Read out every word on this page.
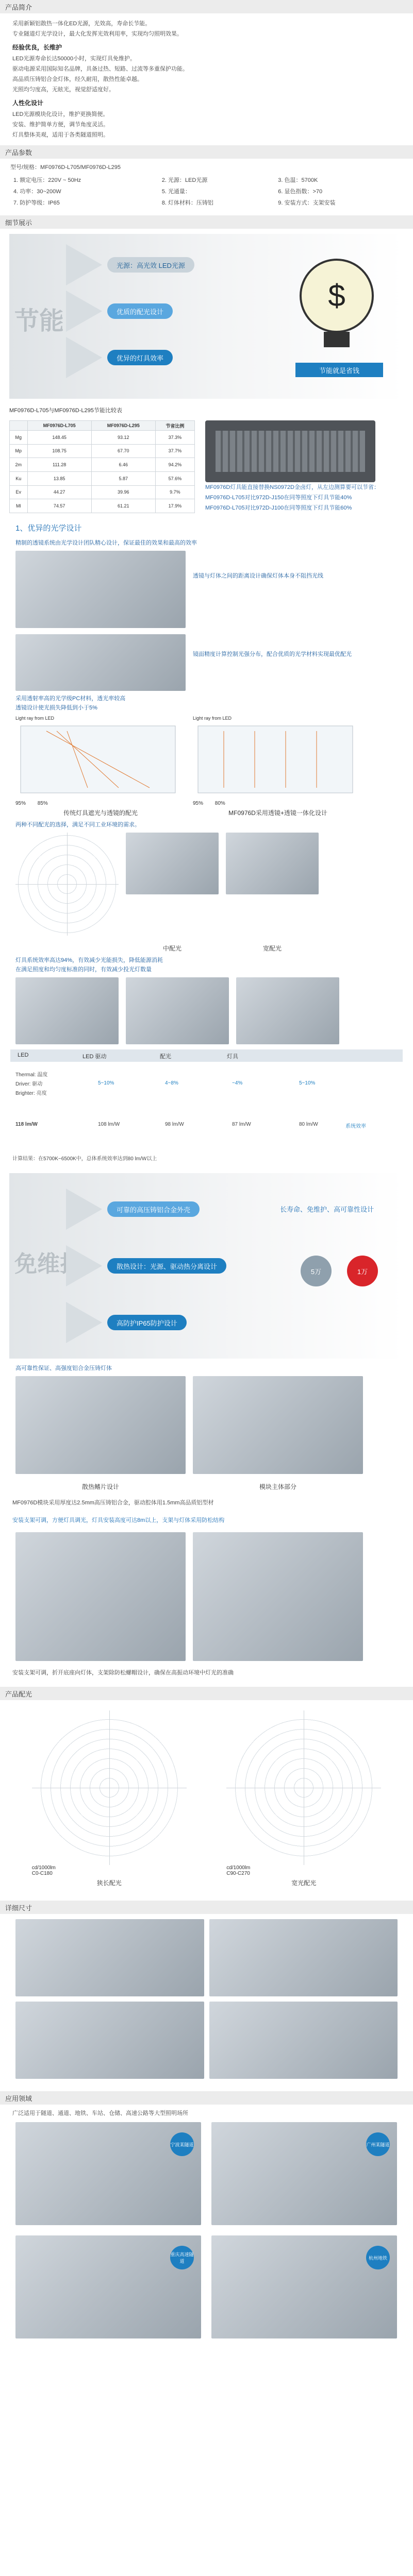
产品简介

采用新颖铝散热一体化ED光源，光效高，寿命长节能。

专业隧道灯光学设计，最大化发挥光效利用率，实现均匀照明效果。

经验优良，长维护

LED光源寿命长达50000小时，实现灯具免维护。

驱动电源采用国际知名品牌，具备过热、短路、过流等多重保护功能。

高品质压铸铝合金灯体，经久耐用，散热性能卓越。

光照均匀度高，无眩光，视觉舒适度好。

人性化设计

LED光源模块化设计，维护更换简便。

安装、维护简单方便，调节角度灵活。

灯具整体美观，适用于各类隧道照明。

产品参数
型号/规格：MF0976D-L705/MF0976D-L295
1. 额定电压：220V ~ 50Hz	2. 光源：LED光源	3. 色温：5700K
4. 功率：30~200W	5. 光通量：	6. 显色指数：>70
7. 防护等级：IP65	8. 灯体材料：压铸铝	9. 安装方式：支架安装
细节展示
节能
光源：高光效 LED光源
优质的配光设计
优异的灯具效率
$
节能就是省钱
MF0976D-L705与MF0976D-L295节能比较表
	MF0976D-L705	MF0976D-L295	节省比例
Mg	148.45	93.12	37.3%
Mp	108.75	67.70	37.7%
2m	111.28	6.46	94.2%
Ku	13.85	5.87	57.6%
Ev	44.27	39.96	9.7%
Ml	74.57	61.21	17.9%
MF0976D灯具能直接替换NS0972D金卤灯，从左边测算要可以节省：
MF0976D-L705对比972D-J150在同等照度下灯具节能40%
MF0976D-L705对比972D-J100在同等照度下灯具节能60%
1、优异的光学设计
精制的透镜系统由光学设计团队精心设计，保证最佳的效果和最高的效率
透镜与灯体之间的距离设计确保灯体本身不阻挡光线
镜面精度计算控制光强分布，配合优质的光学材料实现最优配光
采用透射率高的光学级PC材料，透光率较高
透镜设计使光损失降低到小于5%
Light ray from LED
95% 85%
传统灯具遮光与透镜的配光
Light ray from LED
95% 80%
MF0976D采用透镜+透镜一体化设计
两种不同配光的选择，满足不同工业环境的需求。
中配光	宽配光
灯具系统效率高达94%，有效减少光能损失，降低能源消耗
在满足照度和均匀度标准的同时，有效减少投光灯数量
LED	LED 驱动	配光	灯具
Thermal: 温度
Driver: 驱动
Brighter: 亮度
5~10%	4~8%	~4%	5~10%
118 lm/W	108 lm/W	98 lm/W	87 lm/W	80 lm/W	系统效率
计算结果：在5700K~6500K中，总体系统效率达到80 lm/W以上
免维护
可靠的高压铸铝合金外壳
散热设计：光源、驱动热分离设计
高防护IP65防护设计
长寿命、免维护、高可靠性设计
5万	1万
高可靠性保证、高强度铝合金压铸灯体
散热鳍片设计	模块主体部分
MF0976D模块采用厚度达2.5mm高压铸铝合金，驱动腔体用1.5mm高品质铝型材
安装支架可调，方便灯具调光，灯具安装高度可达8m以上，支架与灯体采用防松结构
安装支架可调，折开底座向灯体，支架除防松螺帽设计，确保在高振动环境中灯光的准确
产品配光
cd/1000lm
C0-C180
狭长配光
cd/1000lm
C90-C270
宽光配光
详细尺寸
应用领域
广泛适用于隧道、通道、地铁、车站、仓储、高速公路等大型照明场所
宁波某隧道	广州某隧道
重庆高速隧道
杭州地铁
